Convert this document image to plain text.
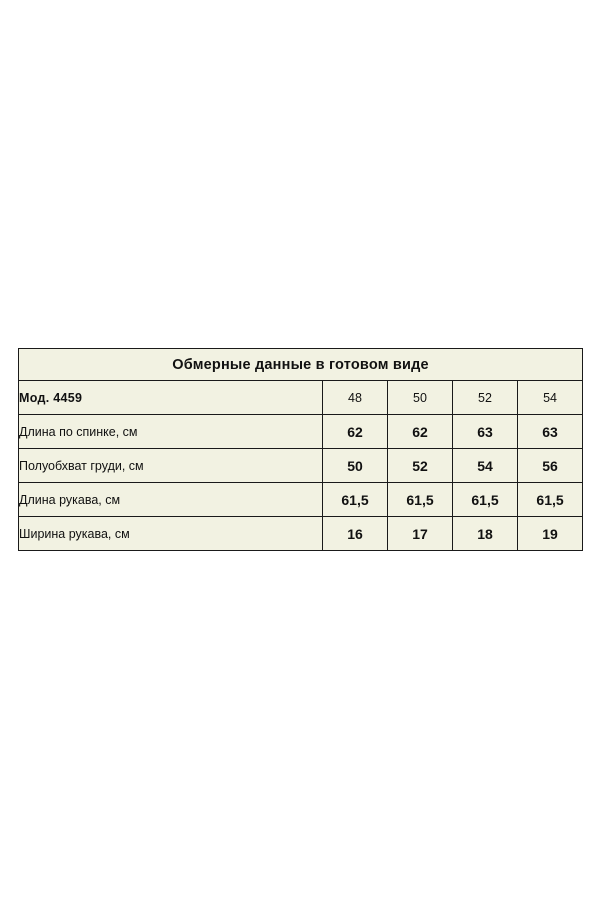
Обмерные данные в готовом виде				
Мод. 4459	48	50	52	54
Длина по спинке, см	62	62	63	63
Полуобхват груди, см	50	52	54	56
Длина рукава, см	61,5	61,5	61,5	61,5
Ширина рукава, см	16	17	18	19
